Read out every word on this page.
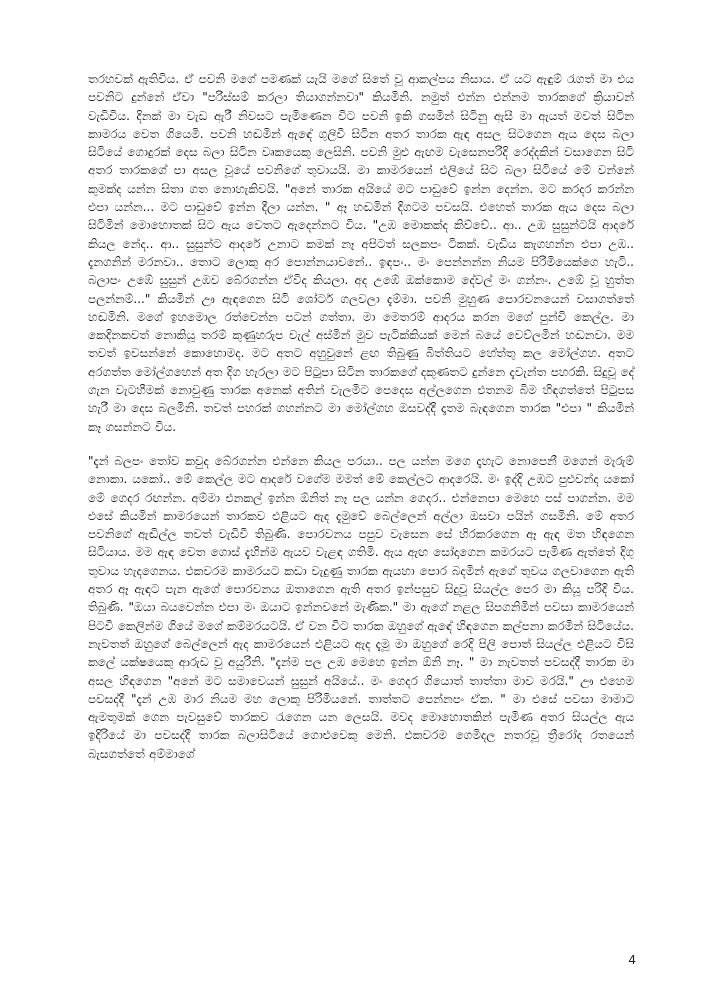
තරහවක් ඇතිවිය. ඒ පවනි මගේ පමණක් යැයි මගේ සිතේ වූ ආකල්පය නිසාය. ඒ යට ඇඳුම් රැගත් මා එය පවනිට දුන්නේ ඒවා "පරිස්සම් කරලා තියාගන්නවා" කියමිනි. නමුත් එන්න එන්නම තාරකගේ ක්‍රියාවන් වැඩිවිය. දිනක් මා වැඩ ඇරී නිවසට පැමිණෙන විට පවනි ඉකි ගසමින් සිටිනු ඇසී මා ඇයත් මවත් සිටින කාමරය වෙත ගියෙමි. පවනි හඬමින් ඇඳේ ගුලිවී සිටින අතර තාරක ඇඳ අසල සිටගෙන ඇය දෙස බලා සිටියේ ගොදුරක් දෙස බලා සිටින වෘකයෙකු ලෙසිනි. පවනි මුළු ඇඟම වැසෙනපරිදි රෙද්දකින් වසාගෙන සිටි අතර තාරකගේ පා අසල වූයේ පවනිගේ තුවායයි. මා කාමරයෙන් එලියේ සිට බලා සිටියේ මේ වන්නේ කුමක්ද යන්න සිතා ගත නොහැකිවයි. "අනේ තාරක අයියේ මට පාඩුවේ ඉන්න දෙන්න. මට කරදර කරන්න එපා යන්න... මට පාඩුවේ ඉන්න දීලා යන්න. " ඈ හඬමින් දිගටම පවසයි. එහෙත් තාරක ඇය දෙස බලා සිටිමින් මොහොතක් සිට ඇය වෙතට ඇදෙන්නට විය. "උඹ මොකක්ද කිව්වේ.. ආ.. උඹ සුසුන්ටයි ආදරේ කියල නේද.. ආ.. සුසුන්ට ආදරේ උනාට කමක් නෑ අපිටත් සලකපං ටිකක්. වැඩිය කැගහන්න එපා උඹ.. දැනගනින් මරනවා.. තොට ලොකු අර පොන්නයාවනේ.. ඉඳපං.. මං පෙන්නන්න නියම පිරිමියෙක්ගෙ හැටි.. බලාපං උඹේ සුසුන් උඹව බේරගන්න ඒවිද කියලා. අද උඹේ ඔක්කොම දේවල් මං ගන්නං. උඹේ වූ හුත්ත පලන්නම්..." කියමින් ඌ ඇඳගෙන සිටි ශෝර්ට ගලවලා දැම්මා. පවනි මුහුණ පොරවනයෙන් වසාගත්තේ හඬමිනි. මගේ ඉහමොල රත්වෙන්න පටන් ගත්තා. මා මෙතරම් ආදරය කරන මගේ පුන්චි කෙල්ල. මා කෙදිනකවත් නොකියූ තරම් කුණුහරුප වැල් අස්මින් මුව පැටික්කියක් මෙන් බයේ වෙව්ලමින් හඬනවා. මම තවත් ඉවසන්නේ කොහොමද. මට අතට අහුවුනේ ළඟ තිබුණු බිත්තියට හේත්තු කල මෝල්ගහ. අතට අරගත්ත මෝල්ගහෙන් අත දිග හැරලා මට පිටුපා සිටින තාරකගේ දකුණතට දුන්නෙ දැවැන්ත පහරකි. සිදුවූ දේ ගැන වැටහීමක් නොවුණු තාරක අනෙක් අතින් වැලමිට පෙදෙස අල්ලගෙන එතනම බිම හිඳගත්තේ පිටුපස හැරී මා දෙස බලමිනි. තවත් පහරක් ගහන්නට මා මෝල්ගහ ඔසවද්දී දෑතම බැඳගෙන තාරක "එපා " කියමින් කෑ ගසන්නට විය.

"දැන් බලපං තෝව කවුද බේරගන්න එන්නෙ කියල පරයා.. පල යන්න මගෙ දැහැට නොපෙනී මගෙන් මැරුම් නොකා. යකෝ.. මේ කෙල්ල මට ආදරේ වගේම මමත් මේ කෙල්ලට ආදරෙයි. මං ඉද්දි උඹට පුළුවන්ද යකෝ මේ ගෙදර රඟන්න. අම්මා එනකල් ඉන්න ඕනිත් නෑ පල යන්න ගෙදර.. එන්නෙපා මෙහෙ පස් පාගන්න. මම එසේ කියමින් කාමරයෙන් තාරකව එළියට ඇද දැමුවේ බෙල්ලෙන් අල්ලා ඔසවා පයින් ගසමිනි. මේ අතර පවනිගේ ඇඬිල්ල තවත් වැඩිවී තිබුණි. පොරවනය පපුව වැසෙන සේ හිරකරගෙන ඈ ඇඳ මත හිඳගෙන සිටියාය. මම ඇඳ වෙත ගොස් දැහින්ම ඇයව වැළඳ ගතිමි. ඇය ඇඟ සෝදාගෙන කමරයට පැමිණ ඇත්තේ දිගු තුවාය හැදගෙනය. එකවරම කාමරයට කඩා වැදුණු තාරක ඇයහා පොර බදමින් ඇගේ තුවය ගලවාගෙන ඇති අතර ඈ ඇඳට පැන ඇගේ පොරවනය ඔතාගෙන ඇති අතර ඉන්පසුව සිදුවූ සියල්ල පෙර මා කියූ පරිදි විය. තිබුණි. "ඔයා බයවෙන්න එපා මං ඔයාට ඉන්නවනේ මැණික." මා ඇගේ නළල සිපගනිමින් පවසා කාමරයෙන් පිටවී කෙලින්ම ගියේ මගේ කම්මරයටයි. ඒ වන විට තාරක ඔහුගේ ඇඳේ හිඳගෙන කල්පනා කරමින් සිටියේය. නැවතත් ඔහුගේ බෙල්ලෙන් ඇද කාමරයෙන් එළියට ඇද දැමූ මා ඔහුගේ රෙදි පිලි පොත් සියල්ල එළියට විසි කලේ යක්ෂයෙකු ආරුඩ වූ අයුරිනි. "දැන්ම පල උඹ මෙහෙ ඉන්න ඕනි නෑ. " මා නැවතත් පවසද්දී තාරක මා අසල හිඳගෙන "අනේ මට සමාවෙයන් සුසුන් අයියේ.. මං ගෙදර ගියොත් තාත්තා මාව මරයි." ඌ එහෙම පවසද්දී "දැන් උඹ මාර නියම මහ ලොකු පිරිමියනේ. තාත්තට පෙන්නපං ඒක. " මා එසේ පවසා මාමාට ඇමතුමක් ගෙන පැවසුවේ තාරකව රැගෙන යන ලෙසයි. මවද මොහොතකින් පැමිණ අතර සියල්ල ඇය ඉදිරියේ මා පවසද්දී තාරක බලාසිටියේ ගොළුවෙකු මෙනි. එකවරම ගෙමිදල නතරවූ ත්‍රීරෝද රතයෙන් බැසගත්තේ අම්මාගේ

4
